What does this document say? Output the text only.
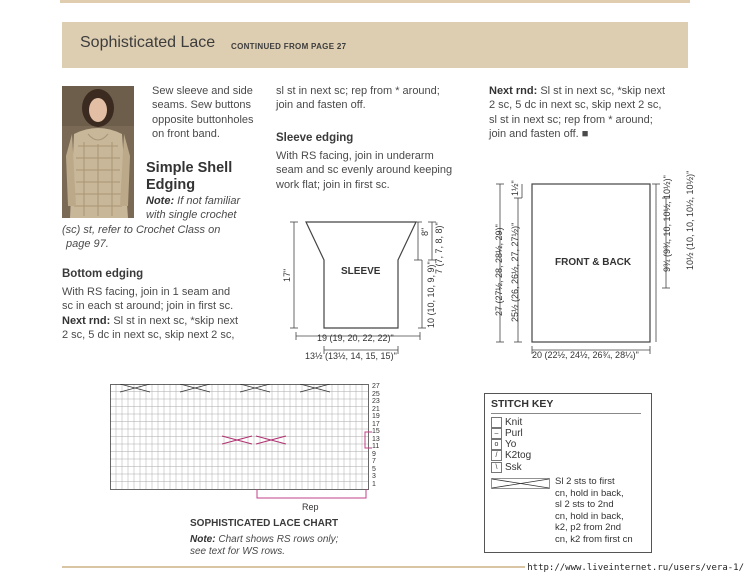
Sophisticated Lace CONTINUED FROM PAGE 27
Sew sleeve and side
seams. Sew buttons
opposite buttonholes
on front band.
Simple Shell
Edging
Note: If not familiar
with single crochet
(sc) st, refer to Crochet Class on
page 97.
Bottom edging
With RS facing, join in 1 seam and
sc in each st around; join in first sc.
Next rnd: Sl st in next sc, *skip next
2 sc, 5 dc in next sc, skip next 2 sc,
sl st in next sc; rep from * around;
join and fasten off.
Sleeve edging
With RS facing, join in underarm
seam and sc evenly around keeping
work flat; join in first sc.
Next rnd: Sl st in next sc, *skip next
2 sc, 5 dc in next sc, skip next 2 sc,
sl st in next sc; rep from * around;
join and fasten off. ■
SLEEVE
17"
8" 7 (7, 7, 8, 8)"
10 (10, 10, 9, 9)"
19 (19, 20, 22, 22)"
13½ (13½, 14, 15, 15)"
FRONT & BACK
27 (27½, 28, 28½, 29)" 25½ (26, 26½, 27, 27½)"
1½"	10½ (10, 10, 10½, 10½)"
9¾ (9¾, 10, 10½, 10½)"
20 (22½, 24½, 26¾, 28¼)"
Rep
27
25
23
21
19
17
15
13
11
9
7
5
3
1
SOPHISTICATED LACE CHART
Note: Chart shows RS rows only;
see text for WS rows.
STITCH KEY
Knit
– Purl
o Yo
/ K2tog
\ Ssk
Sl 2 sts to first
cn, hold in back,
sl 2 sts to 2nd
cn, hold in back,
k2, p2 from 2nd
cn, k2 from first cn
http://www.liveinternet.ru/users/vera-1/
